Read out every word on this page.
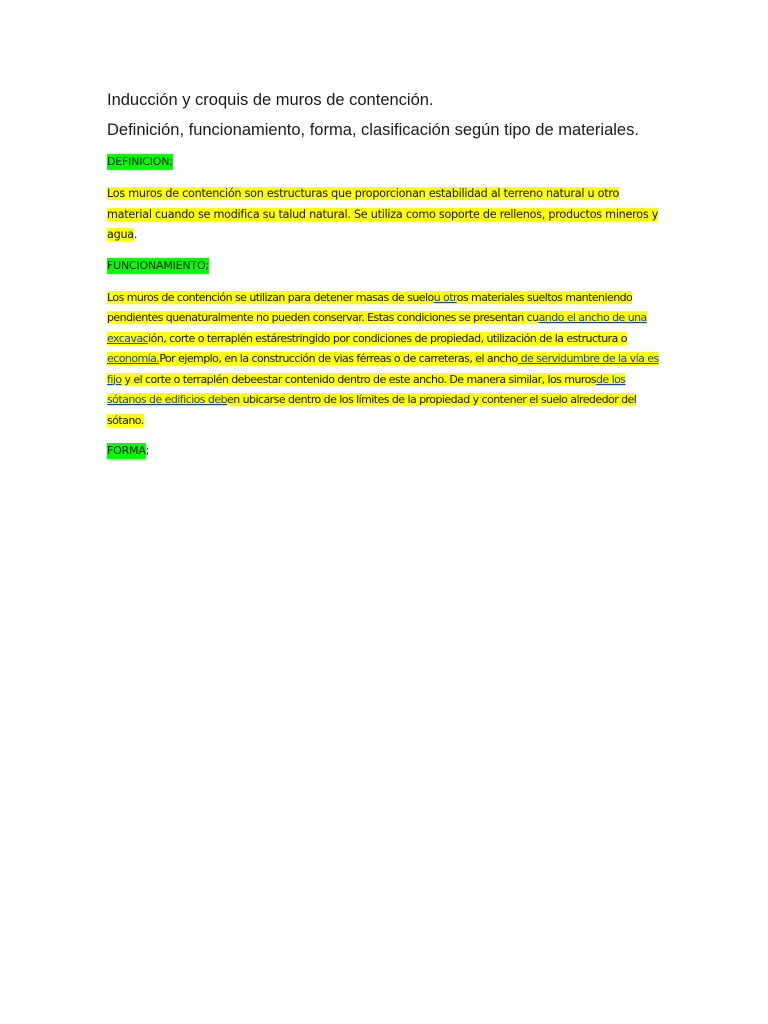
Inducción y croquis de muros de contención.

Definición, funcionamiento, forma, clasificación según tipo de materiales.

DEFINICION;

Los muros de contención son estructuras que proporcionan estabilidad al terreno natural u otro material cuando se modifica su talud natural. Se utiliza como soporte de rellenos, productos mineros y agua.

FUNCIONAMIENTO;

Los muros de contención se utilizan para detener masas de suelou otros materiales sueltos manteniendo pendientes quenaturalmente no pueden conservar. Estas condiciones se presentan cuando el ancho de una excavación, corte o terraplén estárestringido por condiciones de propiedad, utilización de la estructura o economía.Por ejemplo, en la construcción de vias férreas o de carreteras, el ancho de servidumbre de la vía es fijo y el corte o terraplén debeestar contenido dentro de este ancho. De manera similar, los murosde los sótanos de edificios deben ubicarse dentro de los límites de la propiedad y contener el suelo alrededor del sótano.

FORMA;
